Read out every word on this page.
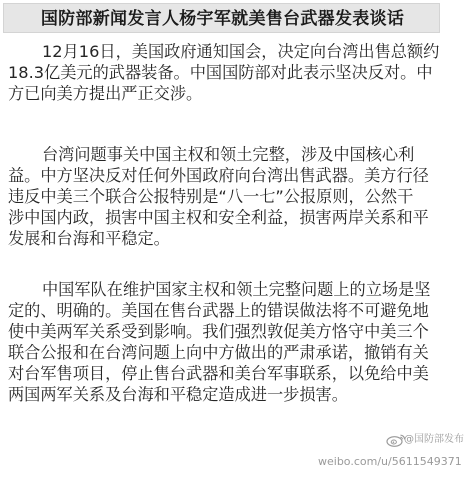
国防部新闻发言人杨宇军就美售台武器发表谈话
12月16日，美国政府通知国会，决定向台湾出售总额约
18.3亿美元的武器装备。中国国防部对此表示坚决反对。中
方已向美方提出严正交涉。
台湾问题事关中国主权和领土完整，涉及中国核心利
益。中方坚决反对任何外国政府向台湾出售武器。美方行径
违反中美三个联合公报特别是“八一七”公报原则，公然干
涉中国内政，损害中国主权和安全利益，损害两岸关系和平
发展和台海和平稳定。
中国军队在维护国家主权和领土完整问题上的立场是坚
定的、明确的。美国在售台武器上的错误做法将不可避免地
使中美两军关系受到影响。我们强烈敦促美方恪守中美三个
联合公报和在台湾问题上向中方做出的严肃承诺，撤销有关
对台军售项目，停止售台武器和美台军事联系，以免给中美
两国两军关系及台海和平稳定造成进一步损害。
@国防部发布
weibo.com/u/5611549371
